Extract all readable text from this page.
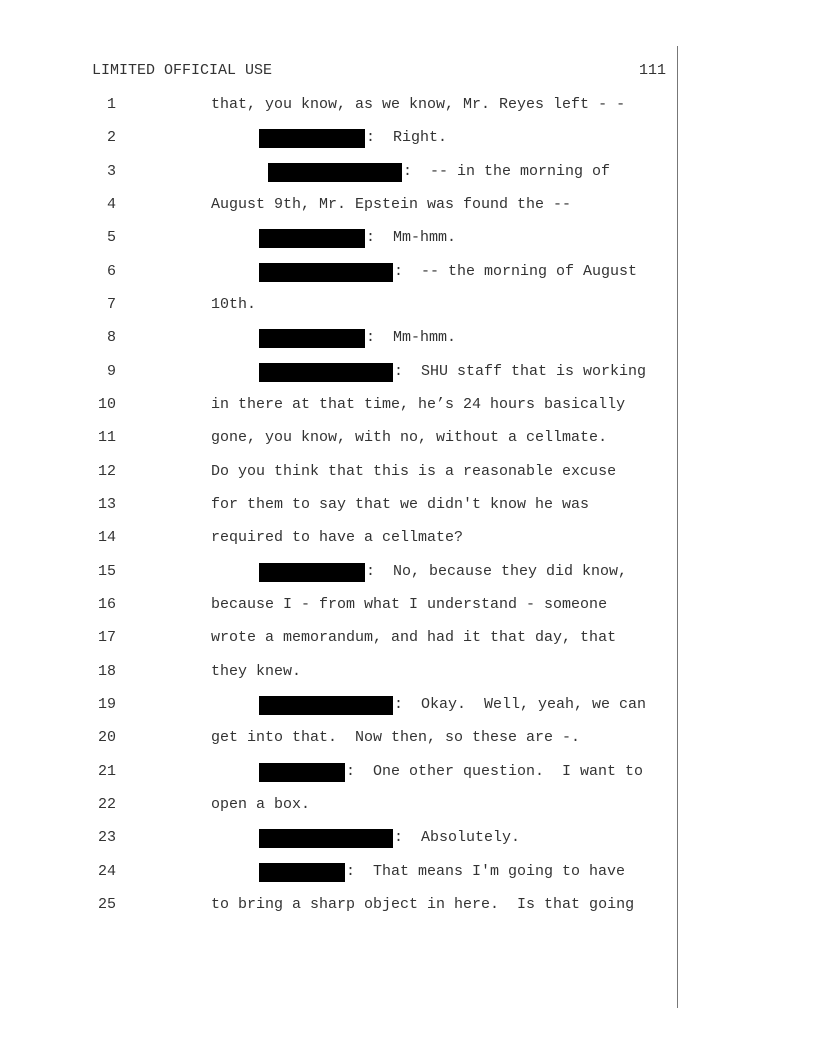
LIMITED OFFICIAL USE	111
1	that, you know, as we know, Mr. Reyes left - -
2	:  Right.
3	:  -- in the morning of
4	August 9th, Mr. Epstein was found the --
5	:  Mm-hmm.
6	:  -- the morning of August
7	10th.
8	:  Mm-hmm.
9	:  SHU staff that is working
10	in there at that time, he’s 24 hours basically
11	gone, you know, with no, without a cellmate.
12	Do you think that this is a reasonable excuse
13	for them to say that we didn't know he was
14	required to have a cellmate?
15	:  No, because they did know,
16	because I - from what I understand - someone
17	wrote a memorandum, and had it that day, that
18	they knew.
19	:  Okay.  Well, yeah, we can
20	get into that.  Now then, so these are -.
21	:  One other question.  I want to
22	open a box.
23	:  Absolutely.
24	:  That means I'm going to have
25	to bring a sharp object in here.  Is that going
